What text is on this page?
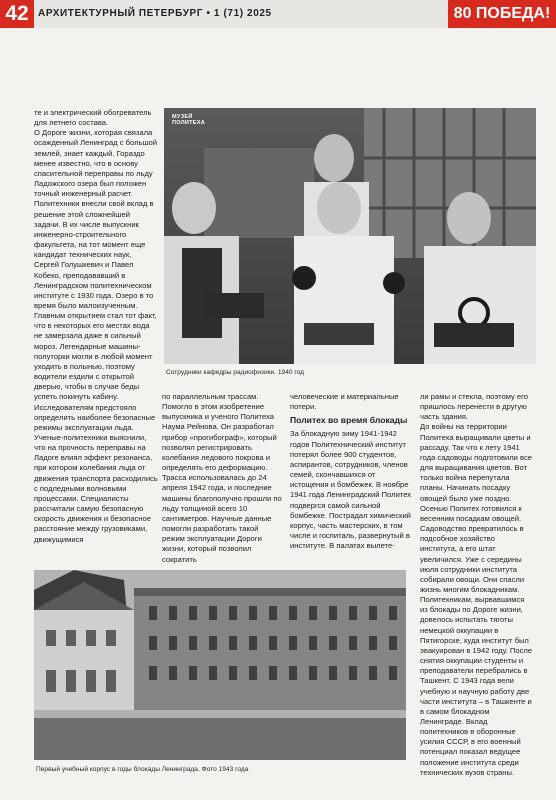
42 АРХИТЕКТУРНЫЙ ПЕТЕРБУРГ • 1 (71) 2025	80 ПОБЕДА!

те и электрический обогреватель для летнего состава.

О Дороге жизни, которая связала осажденный Ленинград с большой землей, знает каждый. Гораздо менее известно, что в основу спасительной переправы по льду Ладожского озера был положен точный инженерный расчет. Политехники внесли свой вклад в решение этой сложнейшей задачи. В их числе выпускник инженерно-строительного факультета, на тот момент еще кандидат технических наук, Сергей Голушкевич и Павел Кобеко, преподававший в Ленинградском политехническом институте с 1930 года. Озеро в то время было малоизученным. Главным открытием стал тот факт, что в некоторых его местах вода не замерзала даже в сильный мороз. Легендарные машины-полуторки могли в любой момент уходить в полынью, поэтому водители ездили с открытой дверью, чтобы в случае беды успеть покинуть кабину. Исследователям предстояло определить наиболее безопасные режимы эксплуатации льда. Ученые-политехники выяснили, что на прочность переправы на Ладоге влиял эффект резонанса, при котором колебания льда от движения транспорта расходились с подледными волновыми процессами. Специалисты рассчитали самую безопасную скорость движения и безопасное расстояние между грузовиками, движущимися

МУЗЕЙ
ПОЛИТЕХА
Сотрудники кафедры радиофизики. 1940 год

по параллельным трассам. Помогло в этом изобретение выпускника и ученого Политеха Наума Рейнова. Он разработал прибор «прогибограф», который позволял регистрировать колебания ледового покрова и определять его деформацию. Трасса использовалась до 24 апреля 1942 года, и последние машины благополучно прошли по льду толщиной всего 10 сантиметров. Научные данные помогли разработать такой режим эксплуатации Дороги жизни, который позволил сократить

человеческие и материальные потери.

Политех во время блокады

За блокадную зиму 1941-1942 годов Политехнический институт потерял более 900 студентов, аспирантов, сотрудников, членов семей, скончавшихся от истощения и бомбежек. В ноябре 1941 года Ленинградский Политех подвергся самой сильной бомбежке. Пострадал химический корпус, часть мастерских, в том числе и госпиталь, развернутый в институте. В палатах вылете-

ли рамы и стекла, поэтому его пришлось перенести в другую часть здания.

До войны на территории Политеха выращивали цветы и рассаду. Так что к лету 1941 года садоводы подготовили все для выращивания цветов. Вот только война перепутала планы. Начинать посадку овощей было уже поздно.

Осенью Политех готовился к весенним посадкам овощей. Садоводство превратилось в подсобное хозяйство института, а его штат увеличился. Уже с середины июля сотрудники института собирали овощи. Они спасли жизнь многим блокадникам.

Политехникам, вырвавшимся из блокады по Дороге жизни, довелось испытать тяготы немецкой оккупации в Пятигорске, куда институт был эвакуирован в 1942 году. После снятия оккупации студенты и преподаватели перебрались в Ташкент. С 1943 года вели учебную и научную работу две части института – в Ташкенте и в самом блокадном Ленинграде. Вклад политехников в оборонные усилия СССР, в его военный потенциал показал ведущее положение института среди технических вузов страны.

Первый учебный корпус в годы блокады Ленинграда. Фото 1943 года
